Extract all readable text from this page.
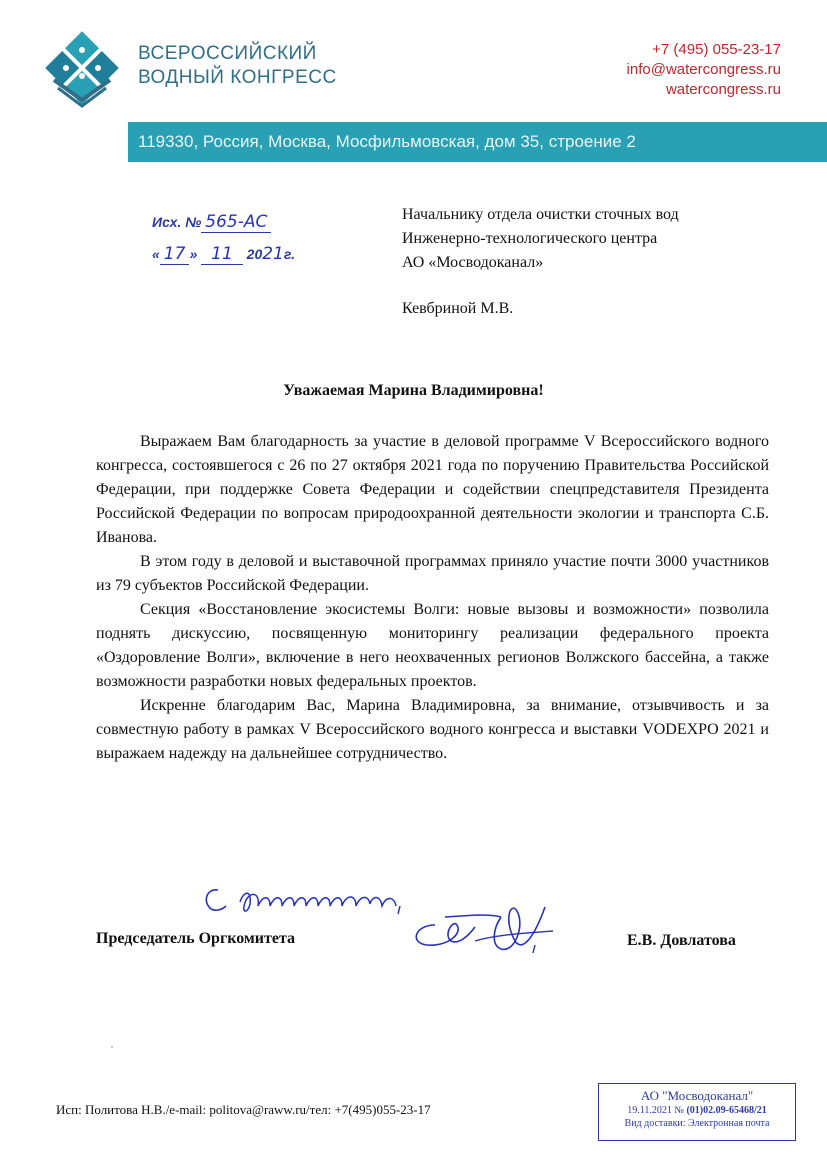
ВСЕРОССИЙСКИЙ
ВОДНЫЙ КОНГРЕСС
+7 (495) 055-23-17
info@watercongress.ru
watercongress.ru
119330, Россия, Москва, Мосфильмовская, дом 35, строение 2
Исх. № 565-АС
« 17 » 11 2021г.
Начальнику отдела очистки сточных вод
Инженерно-технологического центра
АО «Мосводоканал»
Кевбриной М.В.
Уважаемая Марина Владимировна!

Выражаем Вам благодарность за участие в деловой программе V Всероссийского водного конгресса, состоявшегося с 26 по 27 октября 2021 года по поручению Правительства Российской Федерации, при поддержке Совета Федерации и содействии спецпредставителя Президента Российской Федерации по вопросам природоохранной деятельности экологии и транспорта С.Б. Иванова.

В этом году в деловой и выставочной программах приняло участие почти 3000 участников из 79 субъектов Российской Федерации.

Секция «Восстановление экосистемы Волги: новые вызовы и возможности» позволила поднять дискуссию, посвященную мониторингу реализации федерального проекта «Оздоровление Волги», включение в него неохваченных регионов Волжского бассейна, а также возможности разработки новых федеральных проектов.

Искренне благодарим Вас, Марина Владимировна, за внимание, отзывчивость и за совместную работу в рамках V Всероссийского водного конгресса и выставки VODEXPO 2021 и выражаем надежду на дальнейшее сотрудничество.

Председатель Оргкомитета	Е.В. Довлатова
Исп: Политова Н.В./e-mail: politova@raww.ru/тел: +7(495)055-23-17
АО "Мосводоканал"
19.11.2021 № (01)02.09-65468/21
Вид доставки: Электронная почта
